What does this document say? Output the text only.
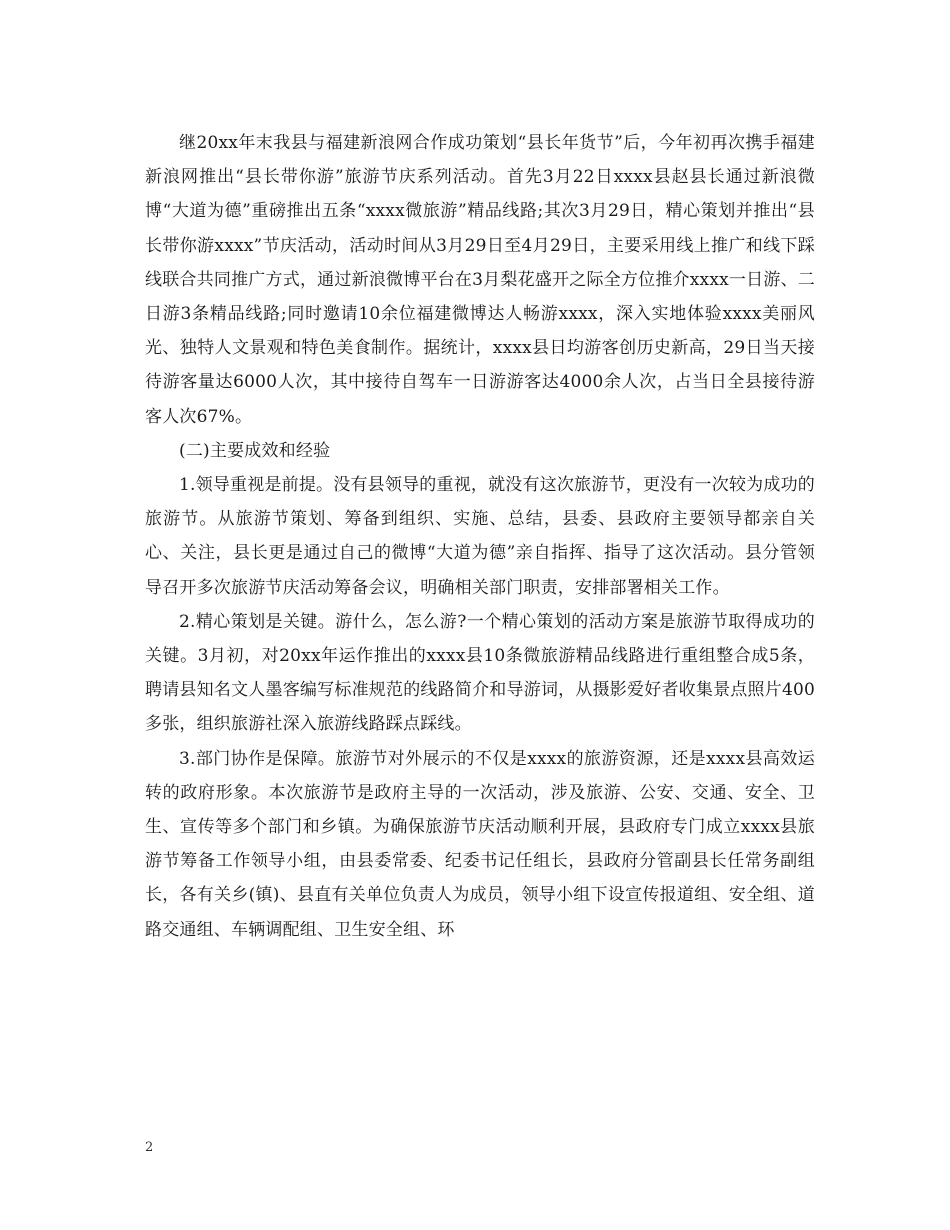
继20xx年末我县与福建新浪网合作成功策划“县长年货节”后，今年初再次携手福建新浪网推出“县长带你游”旅游节庆系列活动。首先3月22日xxxx县赵县长通过新浪微博“大道为德”重磅推出五条“xxxx微旅游”精品线路;其次3月29日，精心策划并推出“县长带你游xxxx”节庆活动，活动时间从3月29日至4月29日，主要采用线上推广和线下踩线联合共同推广方式，通过新浪微博平台在3月梨花盛开之际全方位推介xxxx一日游、二日游3条精品线路;同时邀请10余位福建微博达人畅游xxxx，深入实地体验xxxx美丽风光、独特人文景观和特色美食制作。据统计，xxxx县日均游客创历史新高，29日当天接待游客量达6000人次，其中接待自驾车一日游游客达4000余人次，占当日全县接待游客人次67%。

(二)主要成效和经验

1.领导重视是前提。没有县领导的重视，就没有这次旅游节，更没有一次较为成功的旅游节。从旅游节策划、筹备到组织、实施、总结，县委、县政府主要领导都亲自关心、关注，县长更是通过自己的微博“大道为德”亲自指挥、指导了这次活动。县分管领导召开多次旅游节庆活动筹备会议，明确相关部门职责，安排部署相关工作。

2.精心策划是关键。游什么，怎么游?一个精心策划的活动方案是旅游节取得成功的关键。3月初，对20xx年运作推出的xxxx县10条微旅游精品线路进行重组整合成5条，聘请县知名文人墨客编写标准规范的线路简介和导游词，从摄影爱好者收集景点照片400多张，组织旅游社深入旅游线路踩点踩线。

3.部门协作是保障。旅游节对外展示的不仅是xxxx的旅游资源，还是xxxx县高效运转的政府形象。本次旅游节是政府主导的一次活动，涉及旅游、公安、交通、安全、卫生、宣传等多个部门和乡镇。为确保旅游节庆活动顺利开展，县政府专门成立xxxx县旅游节筹备工作领导小组，由县委常委、纪委书记任组长，县政府分管副县长任常务副组长，各有关乡(镇)、县直有关单位负责人为成员，领导小组下设宣传报道组、安全组、道路交通组、车辆调配组、卫生安全组、环

2
